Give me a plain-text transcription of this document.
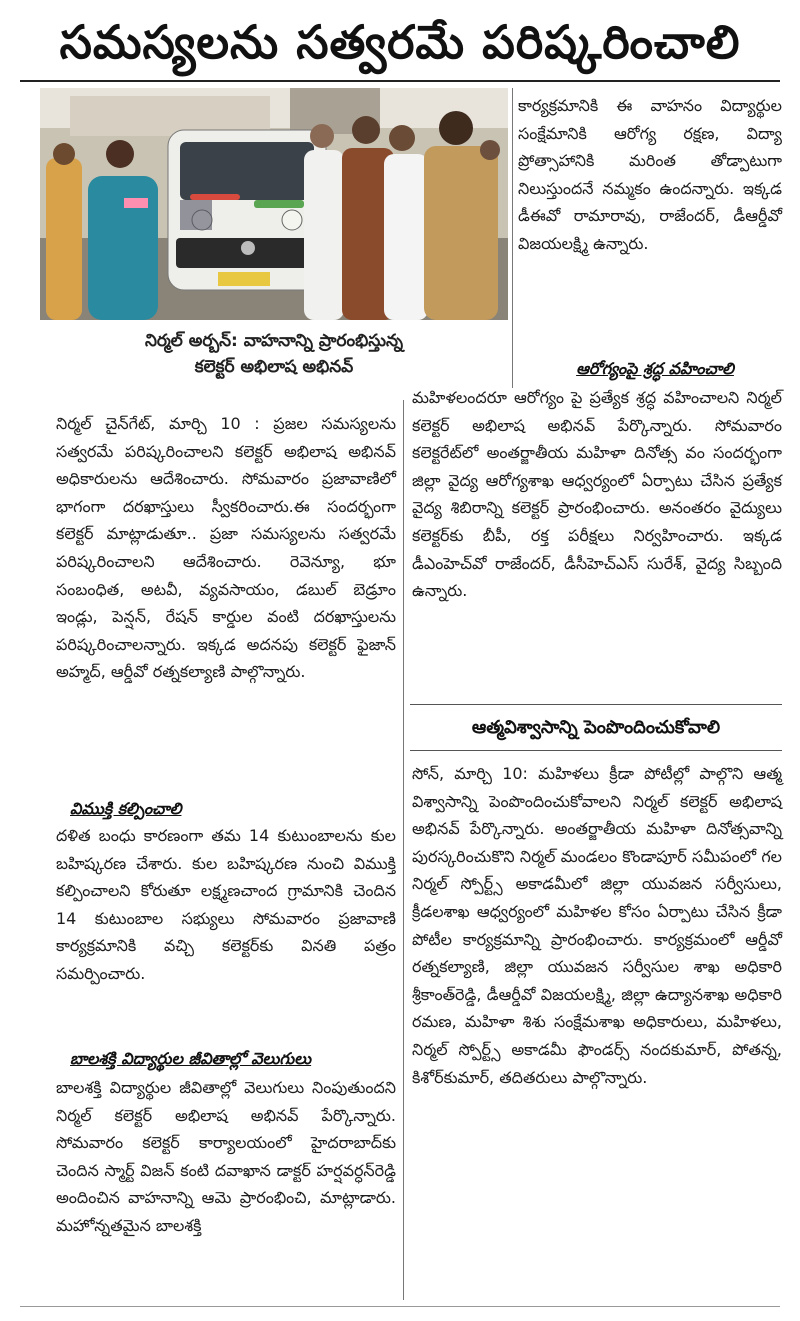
సమస్యలను సత్వరమే పరిష్కరించాలి
నిర్మల్ అర్బన్: వాహనాన్ని ప్రారంభిస్తున్న
కలెక్టర్ అభిలాష అభినవ్
కార్యక్రమానికి ఈ వాహనం విద్యార్థుల సంక్షేమానికి ఆరోగ్య రక్షణ, విద్యా ప్రోత్సాహానికి మరింత తోడ్పాటుగా నిలుస్తుందనే నమ్మకం ఉందన్నారు. ఇక్కడ డీఈవో రామారావు, రాజేందర్, డీఆర్డీవో విజయలక్ష్మి ఉన్నారు.
ఆరోగ్యంపై శ్రద్ధ వహించాలి
మహిళలందరూ ఆరోగ్యం పై ప్రత్యేక శ్రద్ధ వహించాలని నిర్మల్ కలెక్టర్ అభిలాష అభినవ్ పేర్కొన్నారు. సోమవారం కలెక్టరేట్‌లో అంతర్జాతీయ మహిళా దినోత్స వం సందర్భంగా జిల్లా వైద్య ఆరోగ్యశాఖ ఆధ్వర్యంలో ఏర్పాటు చేసిన ప్రత్యేక వైద్య శిబిరాన్ని కలెక్టర్ ప్రారంభించారు. అనంతరం వైద్యులు కలెక్టర్‌కు బీపీ, రక్త పరీక్షలు నిర్వహించారు. ఇక్కడ డీఎంహెచ్‌వో రాజేందర్, డీసీహెచ్ఎస్ సురేశ్, వైద్య సిబ్బంది ఉన్నారు.
ఆత్మవిశ్వాసాన్ని పెంపొందించుకోవాలి
సోన్, మార్చి 10: మహిళలు క్రీడా పోటీల్లో పాల్గొని ఆత్మ విశ్వాసాన్ని పెంపొందించుకోవాలని నిర్మల్ కలెక్టర్ అభిలాష అభినవ్ పేర్కొన్నారు. అంతర్జాతీయ మహిళా దినోత్సవాన్ని పురస్కరించుకొని నిర్మల్ మండలం కొండాపూర్ సమీపంలో గల నిర్మల్ స్పోర్ట్స్ అకాడమీలో జిల్లా యువజన సర్వీసులు, క్రీడలశాఖ ఆధ్వర్యంలో మహిళల కోసం ఏర్పాటు చేసిన క్రీడా పోటీల కార్యక్రమాన్ని ప్రారంభించారు. కార్యక్రమంలో ఆర్డీవో రత్నకల్యాణి, జిల్లా యువజన సర్వీసుల శాఖ అధికారి శ్రీకాంత్‌రెడ్డి, డీఆర్డీవో విజయలక్ష్మి, జిల్లా ఉద్యానశాఖ అధికారి రమణ, మహిళా శిశు సంక్షేమశాఖ అధికారులు, మహిళలు, నిర్మల్ స్పోర్ట్స్ అకాడమీ ఫౌండర్స్ నందకుమార్, పోతన్న, కిశోర్‌కుమార్, తదితరులు పాల్గొన్నారు.
నిర్మల్ చైన్‌గేట్, మార్చి 10 : ప్రజల సమస్యలను సత్వరమే పరిష్కరించాలని కలెక్టర్ అభిలాష అభినవ్ అధికారులను ఆదేశించారు. సోమవారం ప్రజావాణిలో భాగంగా దరఖాస్తులు స్వీకరించారు.ఈ సందర్భంగా కలెక్టర్ మాట్లాడుతూ.. ప్రజా సమస్యలను సత్వరమే పరిష్కరించాలని ఆదేశించారు. రెవెన్యూ, భూ సంబంధిత, అటవీ, వ్యవసాయం, డబుల్ బెడ్రూం ఇండ్లు, పెన్షన్, రేషన్ కార్డుల వంటి దరఖాస్తులను పరిష్కరించాలన్నారు. ఇక్కడ అదనపు కలెక్టర్ ఫైజాన్ అహ్మద్, ఆర్డీవో రత్నకల్యాణి పాల్గొన్నారు.
విముక్తి కల్పించాలి
దళిత బంధు కారణంగా తమ 14 కుటుంబాలను కుల బహిష్కరణ చేశారు. కుల బహిష్కరణ నుంచి విముక్తి కల్పించాలని కోరుతూ లక్ష్మణచాంద గ్రామానికి చెందిన 14 కుటుంబాల సభ్యులు సోమవారం ప్రజావాణి కార్యక్రమానికి వచ్చి కలెక్టర్‌కు వినతి పత్రం సమర్పించారు.
బాలశక్తి విద్యార్థుల జీవితాల్లో వెలుగులు
బాలశక్తి విద్యార్థుల జీవితాల్లో వెలుగులు నింపుతుందని నిర్మల్ కలెక్టర్ అభిలాష అభినవ్ పేర్కొన్నారు. సోమవారం కలెక్టర్ కార్యాలయంలో హైదరాబాద్‌కు చెందిన స్మార్ట్ విజన్ కంటి దవాఖాన డాక్టర్ హర్షవర్ధన్‌రెడ్డి అందించిన వాహనాన్ని ఆమె ప్రారంభించి, మాట్లాడారు. మహోన్నతమైన బాలశక్తి
